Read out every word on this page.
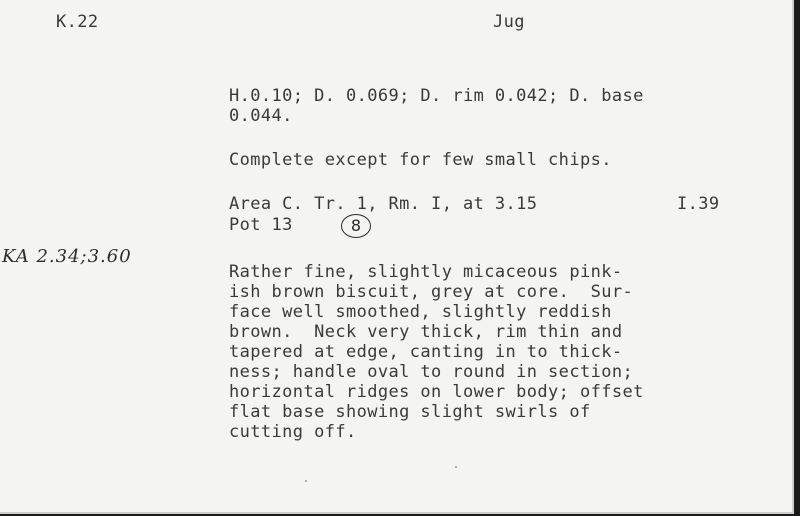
K.22	Jug
H.0.10; D. 0.069; D. rim 0.042; D. base
0.044.
Complete except for few small chips.
Area C. Tr. 1, Rm. I, at 3.15	I.39
Pot 13	8
KA 2.34;3.60
Rather fine, slightly micaceous pink-
ish brown biscuit, grey at core.  Sur-
face well smoothed, slightly reddish
brown.  Neck very thick, rim thin and
tapered at edge, canting in to thick-
ness; handle oval to round in section;
horizontal ridges on lower body; offset
flat base showing slight swirls of
cutting off.
